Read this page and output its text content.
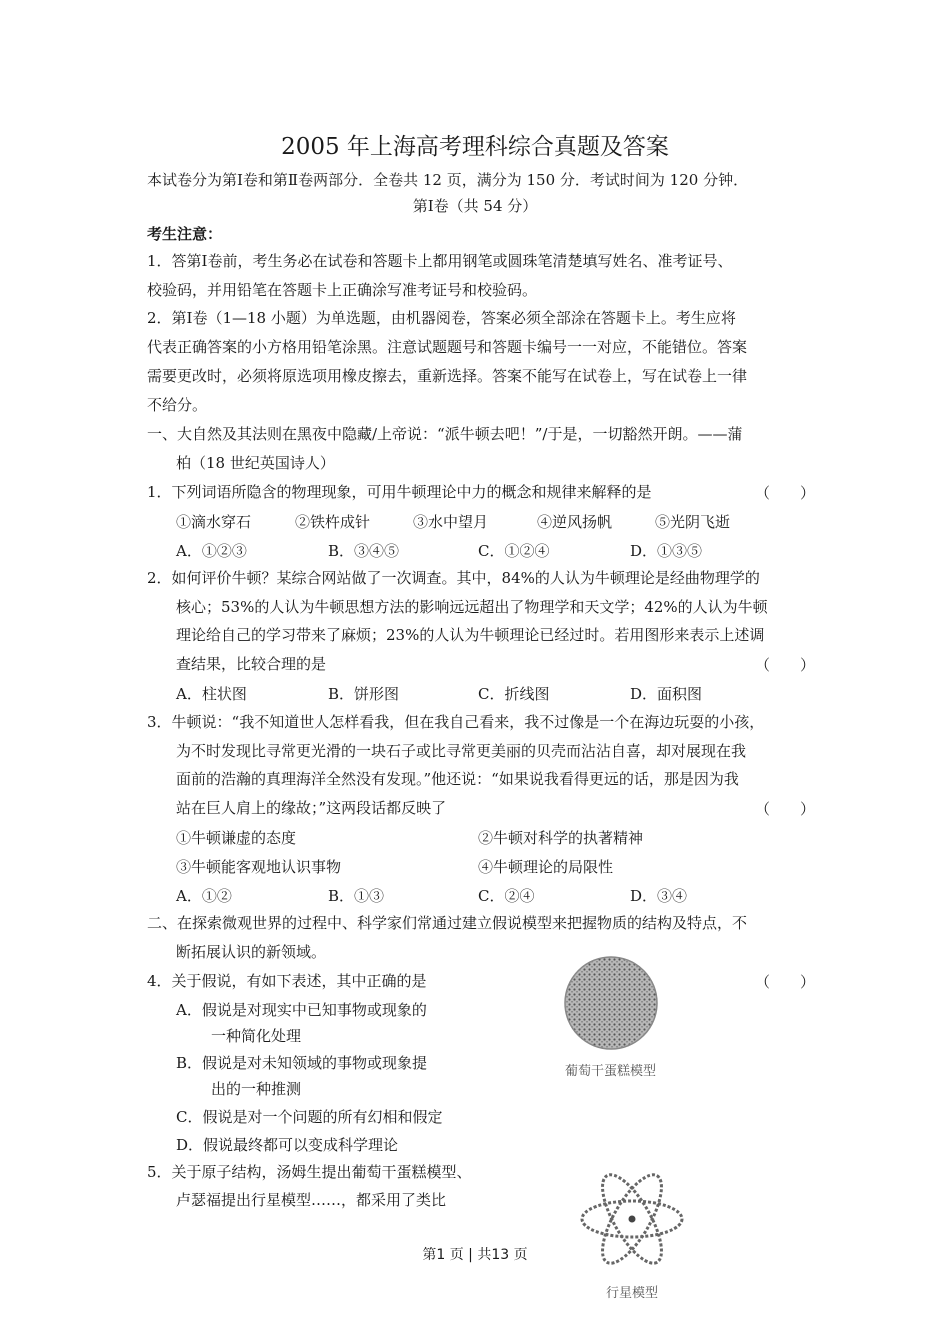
2005 年上海高考理科综合真题及答案
本试卷分为第Ⅰ卷和第Ⅱ卷两部分．全卷共 12 页，满分为 150 分．考试时间为 120 分钟．
第Ⅰ卷（共 54 分）
考生注意：
1．答第Ⅰ卷前，考生务必在试卷和答题卡上都用钢笔或圆珠笔清楚填写姓名、准考证号、
校验码，并用铅笔在答题卡上正确涂写准考证号和校验码。
2．第Ⅰ卷（1—18 小题）为单选题，由机器阅卷，答案必须全部涂在答题卡上。考生应将
代表正确答案的小方格用铅笔涂黑。注意试题题号和答题卡编号一一对应，不能错位。答案
需要更改时，必须将原选项用橡皮擦去，重新选择。答案不能写在试卷上，写在试卷上一律
不给分。
一、大自然及其法则在黑夜中隐藏/上帝说：“派牛顿去吧！”/于是，一切豁然开朗。——蒲
柏（18 世纪英国诗人）
1．下列词语所隐含的物理现象，可用牛顿理论中力的概念和规律来解释的是	（　　）
①滴水穿石	②铁杵成针	③水中望月	④逆风扬帆	⑤光阴飞逝
A．①②③	B．③④⑤	C．①②④	D．①③⑤
2．如何评价牛顿？某综合网站做了一次调查。其中，84%的人认为牛顿理论是经曲物理学的
核心；53%的人认为牛顿思想方法的影响远远超出了物理学和天文学；42%的人认为牛顿
理论给自己的学习带来了麻烦；23%的人认为牛顿理论已经过时。若用图形来表示上述调
查结果，比较合理的是	（　　）
A．柱状图	B．饼形图	C．折线图	D．面积图
3．牛顿说：“我不知道世人怎样看我，但在我自己看来，我不过像是一个在海边玩耍的小孩，
为不时发现比寻常更光滑的一块石子或比寻常更美丽的贝壳而沾沾自喜，却对展现在我
面前的浩瀚的真理海洋全然没有发现。”他还说：“如果说我看得更远的话，那是因为我
站在巨人肩上的缘故；”这两段话都反映了	（　　）
①牛顿谦虚的态度	②牛顿对科学的执著精神
③牛顿能客观地认识事物	④牛顿理论的局限性
A．①②	B．①③	C．②④	D．③④
二、在探索微观世界的过程中、科学家们常通过建立假说模型来把握物质的结构及特点，不
断拓展认识的新领域。
4．关于假说，有如下表述，其中正确的是	（　　）
A．假说是对现实中已知事物或现象的
一种简化处理
B．假说是对未知领域的事物或现象提
出的一种推测
C．假说是对一个问题的所有幻相和假定
D．假说最终都可以变成科学理论
5．关于原子结构，汤姆生提出葡萄干蛋糕模型、
卢瑟福提出行星模型……，都采用了类比
葡萄干蛋糕模型
行星模型
第1 页 | 共13 页
